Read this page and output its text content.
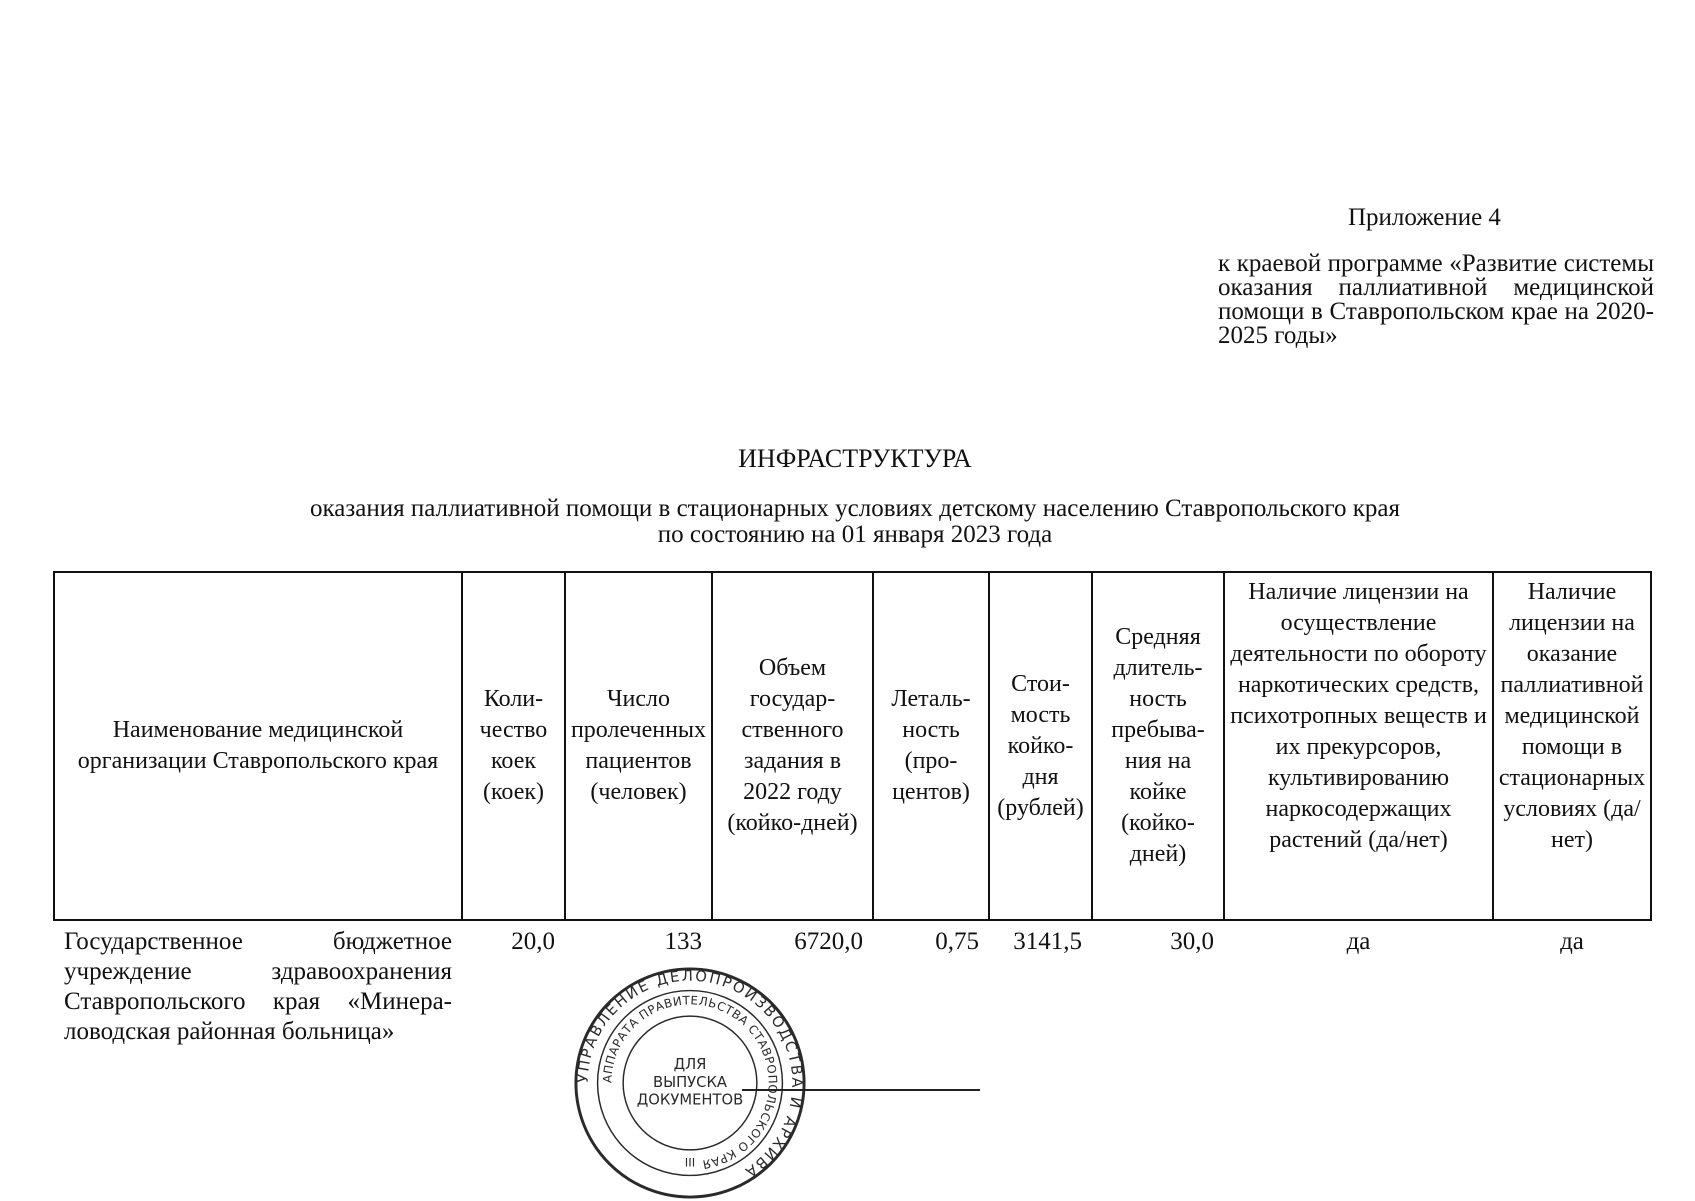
Приложение 4
к краевой программе «Развитие системы оказания паллиативной медицинской помощи в Ставропольском крае на 2020-2025 годы»
ИНФРАСТРУКТУРА
оказания паллиативной помощи в стационарных условиях детскому населению Ставропольского края
по состоянию на 01 января 2023 года
Наименование медицинской организации Ставропольского края	Количество коек (коек)	Число пролеченных пациентов (человек)	Объем государственного задания в 2022 году (койко-дней)	Летальность (процентов)	Стоимость койко-дня (рублей)	Средняя длительность пребывания на койке (койко-дней)	Наличие лицензии на осуществление деятельности по обороту наркотических средств, психотропных веществ и их прекурсоров, культивированию наркосодержащих растений (да/нет)	Наличие лицензии на оказание паллиативной медицинской помощи в стационарных условиях (да/нет)
Государственное бюджетное учреждение здравоохранения Ставропольского края «Минераловодская районная больница»	20,0	133	6720,0	0,75	3141,5	30,0	да	да
УПРАВЛЕНИЕ ДЕЛОПРОИЗВОДСТВА И АРХИВА
АППАРАТА ПРАВИТЕЛЬСТВА СТАВРОПОЛЬСКОГО КРАЯ
ДЛЯ
ВЫПУСКА
ДОКУМЕНТОВ
III
